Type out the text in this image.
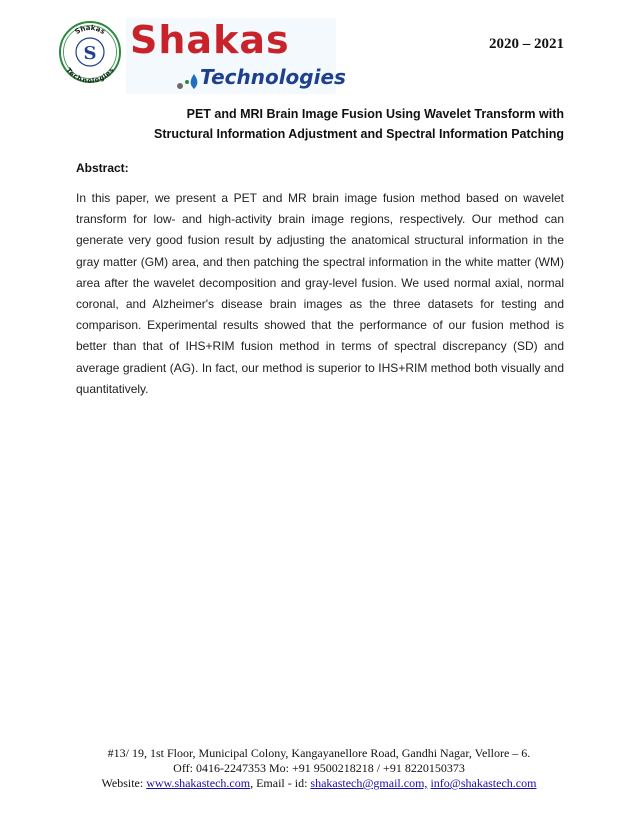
S
Shakas
Technologies
Shakas
Technologies
2020 – 2021
PET and MRI Brain Image Fusion Using Wavelet Transform with
Structural Information Adjustment and Spectral Information Patching
Abstract:

In this paper, we present a PET and MR brain image fusion method based on wavelet transform for low- and high-activity brain image regions, respectively. Our method can generate very good fusion result by adjusting the anatomical structural information in the gray matter (GM) area, and then patching the spectral information in the white matter (WM) area after the wavelet decomposition and gray-level fusion. We used normal axial, normal coronal, and Alzheimer's disease brain images as the three datasets for testing and comparison. Experimental results showed that the performance of our fusion method is better than that of IHS+RIM fusion method in terms of spectral discrepancy (SD) and average gradient (AG). In fact, our method is superior to IHS+RIM method both visually and quantitatively.

#13/ 19, 1st Floor, Municipal Colony, Kangayanellore Road, Gandhi Nagar, Vellore – 6.
Off: 0416-2247353 Mo: +91 9500218218 / +91 8220150373
Website: www.shakastech.com, Email - id: shakastech@gmail.com, info@shakastech.com
